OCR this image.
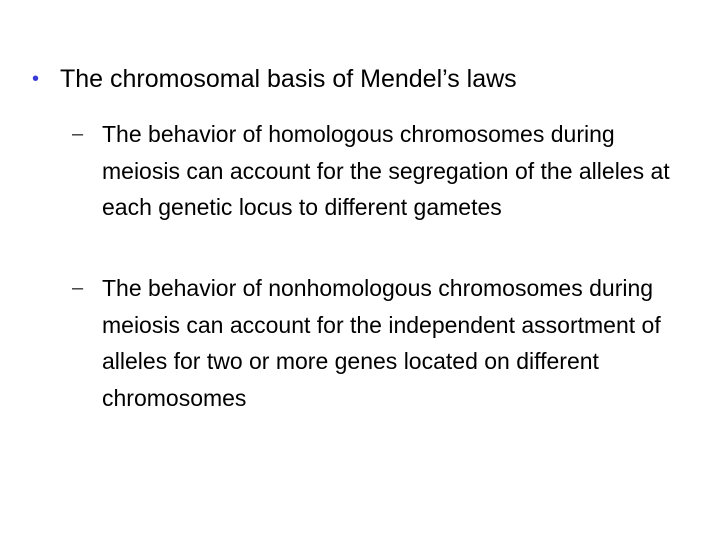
• The chromosomal basis of Mendel’s laws
– The behavior of homologous chromosomes during meiosis can account for the segregation of the alleles at each genetic locus to different gametes
– The behavior of nonhomologous chromosomes during meiosis can account for the independent assortment of alleles for two or more genes located on different chromosomes
